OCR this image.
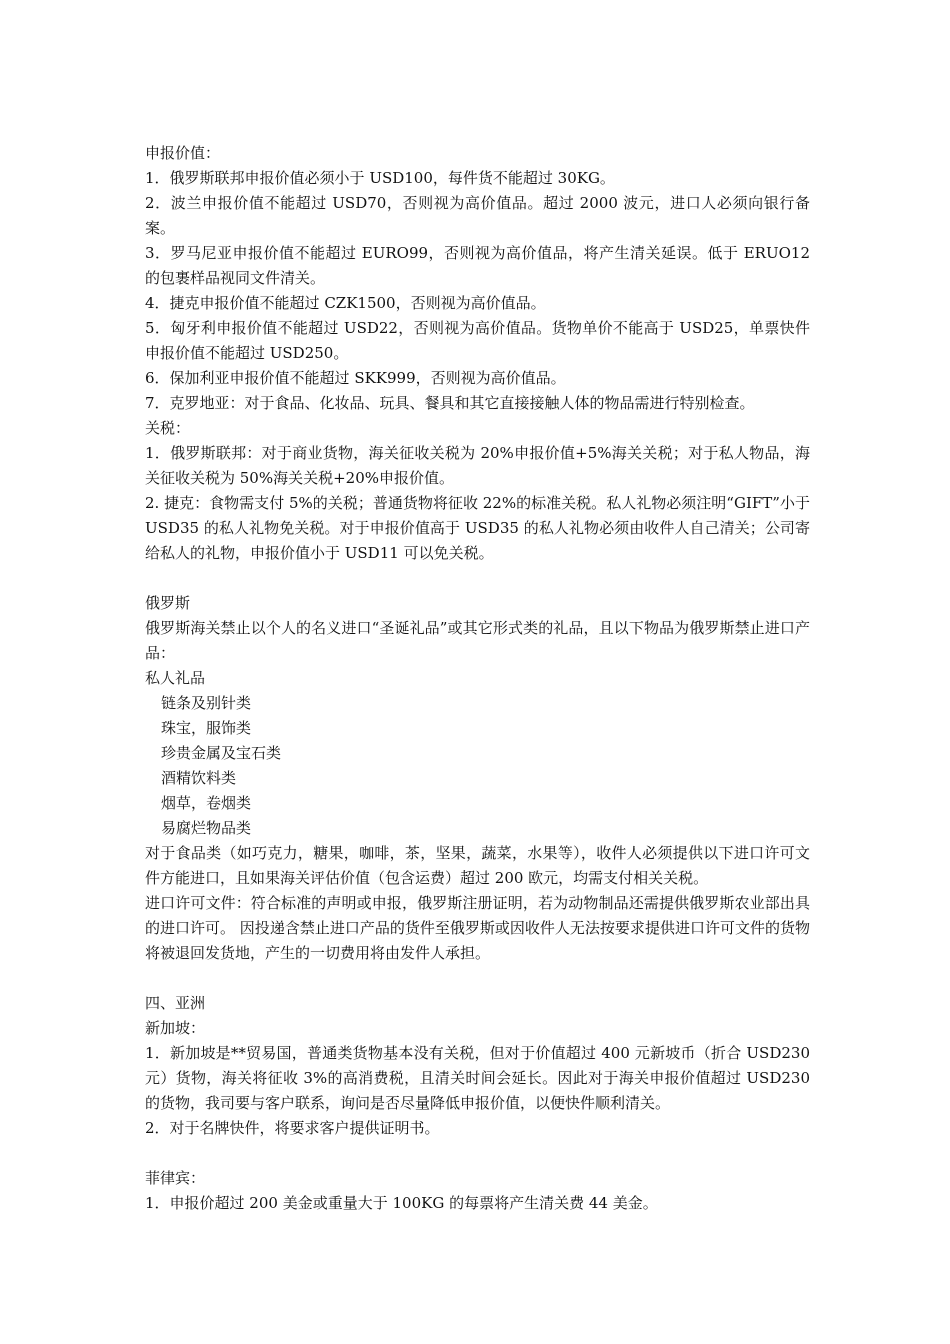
申报价值：

1．俄罗斯联邦申报价值必须小于 USD100，每件货不能超过 30KG。

2．波兰申报价值不能超过 USD70，否则视为高价值品。超过 2000 波元，进口人必须向银行备案。

3．罗马尼亚申报价值不能超过 EURO99，否则视为高价值品，将产生清关延误。低于 ERUO12 的包裹样品视同文件清关。

4．捷克申报价值不能超过 CZK1500，否则视为高价值品。

5．匈牙利申报价值不能超过 USD22，否则视为高价值品。货物单价不能高于 USD25，单票快件申报价值不能超过 USD250。

6．保加利亚申报价值不能超过 SKK999，否则视为高价值品。

7．克罗地亚：对于食品、化妆品、玩具、餐具和其它直接接触人体的物品需进行特别检查。

关税：

1．俄罗斯联邦：对于商业货物，海关征收关税为 20%申报价值+5%海关关税；对于私人物品，海关征收关税为 50%海关关税+20%申报价值。

2. 捷克：食物需支付 5%的关税；普通货物将征收 22%的标准关税。私人礼物必须注明“GIFT”小于 USD35 的私人礼物免关税。对于申报价值高于 USD35 的私人礼物必须由收件人自己清关；公司寄给私人的礼物，申报价值小于 USD11 可以免关税。

俄罗斯

俄罗斯海关禁止以个人的名义进口“圣诞礼品”或其它形式类的礼品，且以下物品为俄罗斯禁止进口产品：

私人礼品

链条及别针类

珠宝，服饰类

珍贵金属及宝石类

酒精饮料类

烟草，卷烟类

易腐烂物品类

对于食品类（如巧克力，糖果，咖啡，茶，坚果，蔬菜，水果等），收件人必须提供以下进口许可文件方能进口，且如果海关评估价值（包含运费）超过 200 欧元，均需支付相关关税。

进口许可文件：符合标准的声明或申报，俄罗斯注册证明，若为动物制品还需提供俄罗斯农业部出具的进口许可。 因投递含禁止进口产品的货件至俄罗斯或因收件人无法按要求提供进口许可文件的货物将被退回发货地，产生的一切费用将由发件人承担。

四、亚洲

新加坡：

1．新加坡是**贸易国，普通类货物基本没有关税，但对于价值超过 400 元新坡币（折合 USD230 元）货物，海关将征收 3%的高消费税，且清关时间会延长。因此对于海关申报价值超过 USD230 的货物，我司要与客户联系，询问是否尽量降低申报价值，以便快件顺利清关。

2．对于名牌快件，将要求客户提供证明书。

菲律宾：

1．申报价超过 200 美金或重量大于 100KG 的每票将产生清关费 44 美金。
